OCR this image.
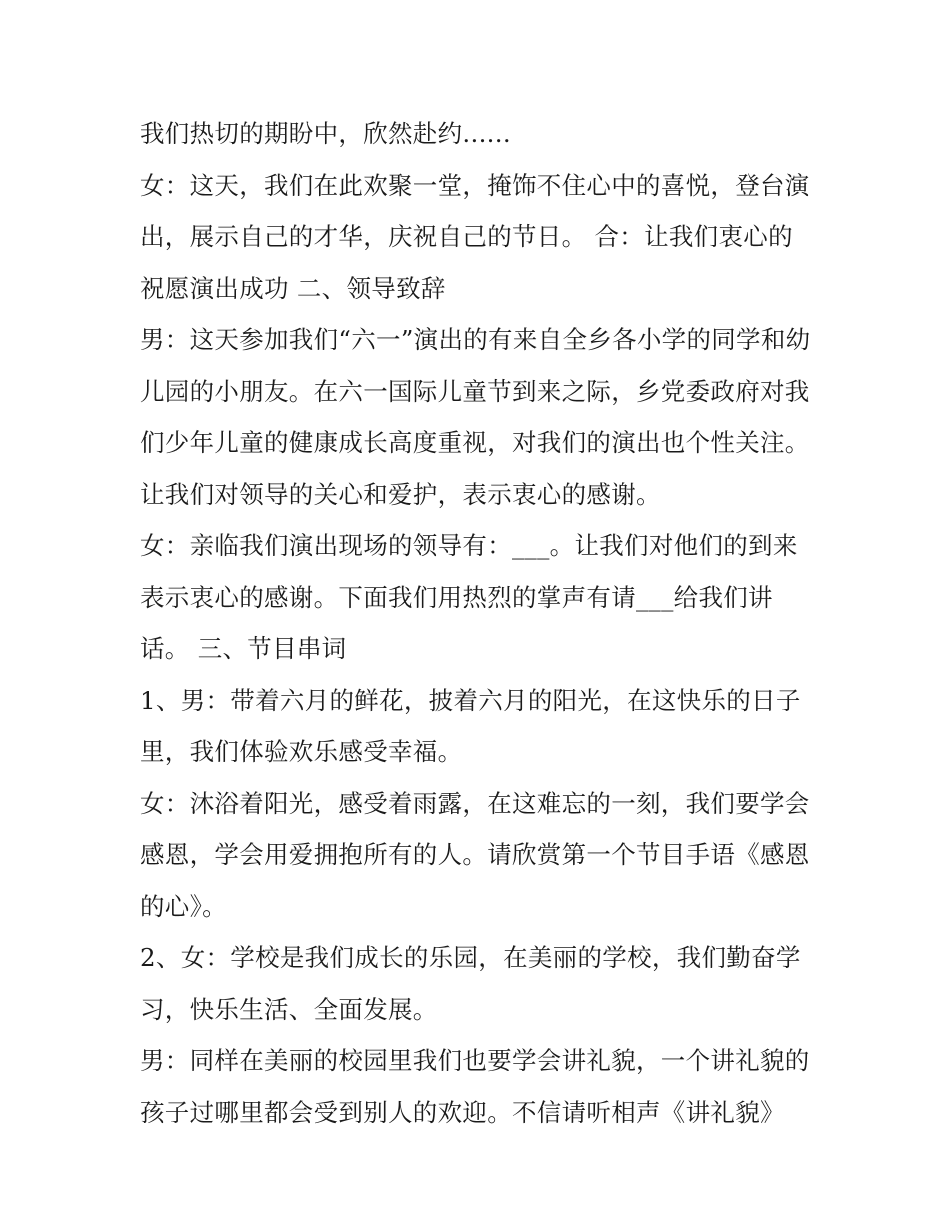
我们热切的期盼中，欣然赴约......
女：这天，我们在此欢聚一堂，掩饰不住心中的喜悦，登台演
出，展示自己的才华，庆祝自己的节日。 合：让我们衷心的
祝愿演出成功 二、领导致辞
男：这天参加我们“六一”演出的有来自全乡各小学的同学和幼
儿园的小朋友。在六一国际儿童节到来之际，乡党委政府对我
们少年儿童的健康成长高度重视，对我们的演出也个性关注。
让我们对领导的关心和爱护，表示衷心的感谢。
女：亲临我们演出现场的领导有：___。让我们对他们的到来
表示衷心的感谢。下面我们用热烈的掌声有请___给我们讲
话。 三、节目串词
1、男：带着六月的鲜花，披着六月的阳光，在这快乐的日子
里，我们体验欢乐感受幸福。
女：沐浴着阳光，感受着雨露，在这难忘的一刻，我们要学会
感恩，学会用爱拥抱所有的人。请欣赏第一个节目手语《感恩
的心》。
2、女：学校是我们成长的乐园，在美丽的学校，我们勤奋学
习，快乐生活、全面发展。
男：同样在美丽的校园里我们也要学会讲礼貌，一个讲礼貌的
孩子过哪里都会受到别人的欢迎。不信请听相声《讲礼貌》
